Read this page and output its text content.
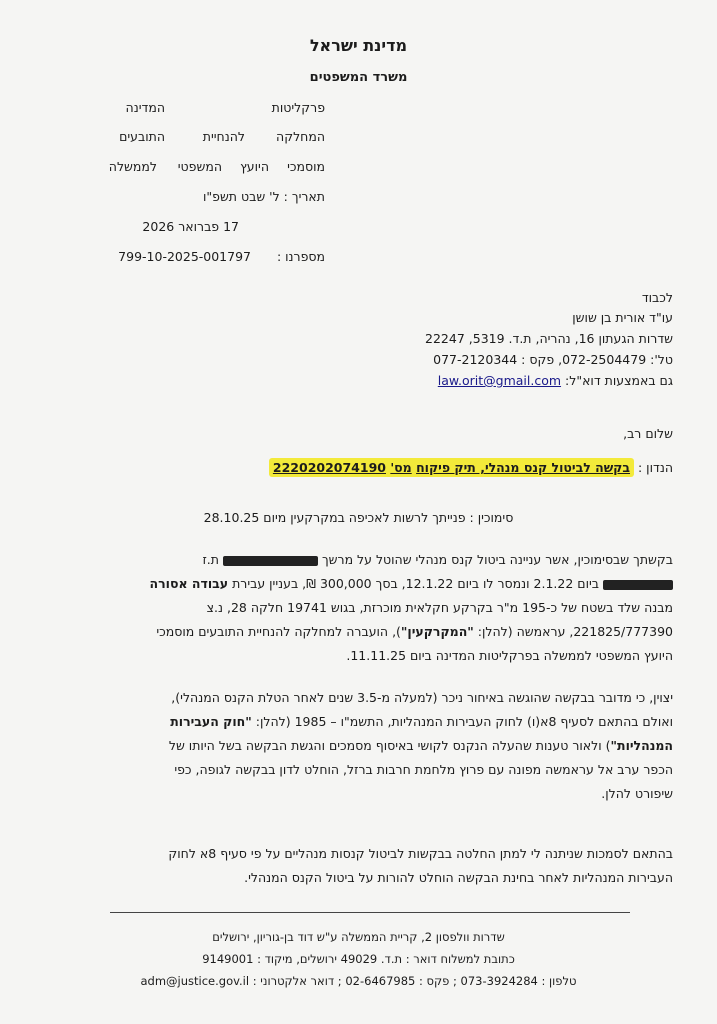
מדינת ישראל
משרד המשפטים
פרקליטות
המדינה
המחלקה
להנחיית
התובעים
מוסמכי
היועץ
המשפטי
לממשלה
תאריך : ל' שבט תשפ"ו
17 פברואר 2026
מספרנו :
799-10-2025-001797
לכבוד
עו"ד אורית בן שושן
שדרות הגעתון 16, נהריה, ת.ד. 5319, 22247
טל': 072-2504479, פקס : 077-2120344
גם באמצעות דוא"ל: law.orit@gmail.com
שלום רב,
הנדון : בקשה לביטול קנס מנהלי, תיק פיקוח מס' 2220202074190
סימוכין : פנייתך לרשות לאכיפה במקרקעין מיום 28.10.25

בקשתך שבסימוכין, אשר עניינה ביטול קנס מנהלי שהוטל על מרשך  ת.ז

ביום 2.1.22 ונמסר לו ביום 12.1.22, בסך 300,000 ₪, בעניין עבירת עבודה אסורה

מבנה שלד בשטח של כ-195 מ"ר בקרקע חקלאית מוכרזת, בגוש 19741 חלקה 28, נ.צ

221825/777390, עראמשה (להלן: "המקרקעין"), הועברה למחלקה להנחיית התובעים מוסמכי

היועץ המשפטי לממשלה בפרקליטות המדינה ביום 11.11.25.

יצוין, כי מדובר בבקשה שהוגשה באיחור ניכר (למעלה מ-3.5 שנים לאחר הטלת הקנס המנהלי),

ואולם בהתאם לסעיף 8א(ו) לחוק העבירות המנהליות, התשמ"ו – 1985 (להלן: "חוק העבירות

המנהליות") ולאור טענות שהעלה הנקנס לקושי באיסוף מסמכים והגשת הבקשה בשל היותו של

הכפר ערב אל עראמשה מפונה עם פרוץ מלחמת חרבות ברזל, הוחלט לדון בבקשה לגופה, כפי

שיפורט להלן.

בהתאם לסמכות שניתנה לי למתן החלטה בבקשות לביטול קנסות מנהליים על פי סעיף 8א לחוק

העבירות המנהליות לאחר בחינת הבקשה הוחלט להורות על ביטול הקנס המנהלי.

שדרות וולפסון 2, קריית הממשלה ע"ש דוד בן-גוריון, ירושלים
כתובת למשלוח דואר : ת.ד. 49029 ירושלים, מיקוד : 9149001
טלפון : 073-3924284 ; פקס : 02-6467985 ; דואר אלקטרוני : adm@justice.gov.il
